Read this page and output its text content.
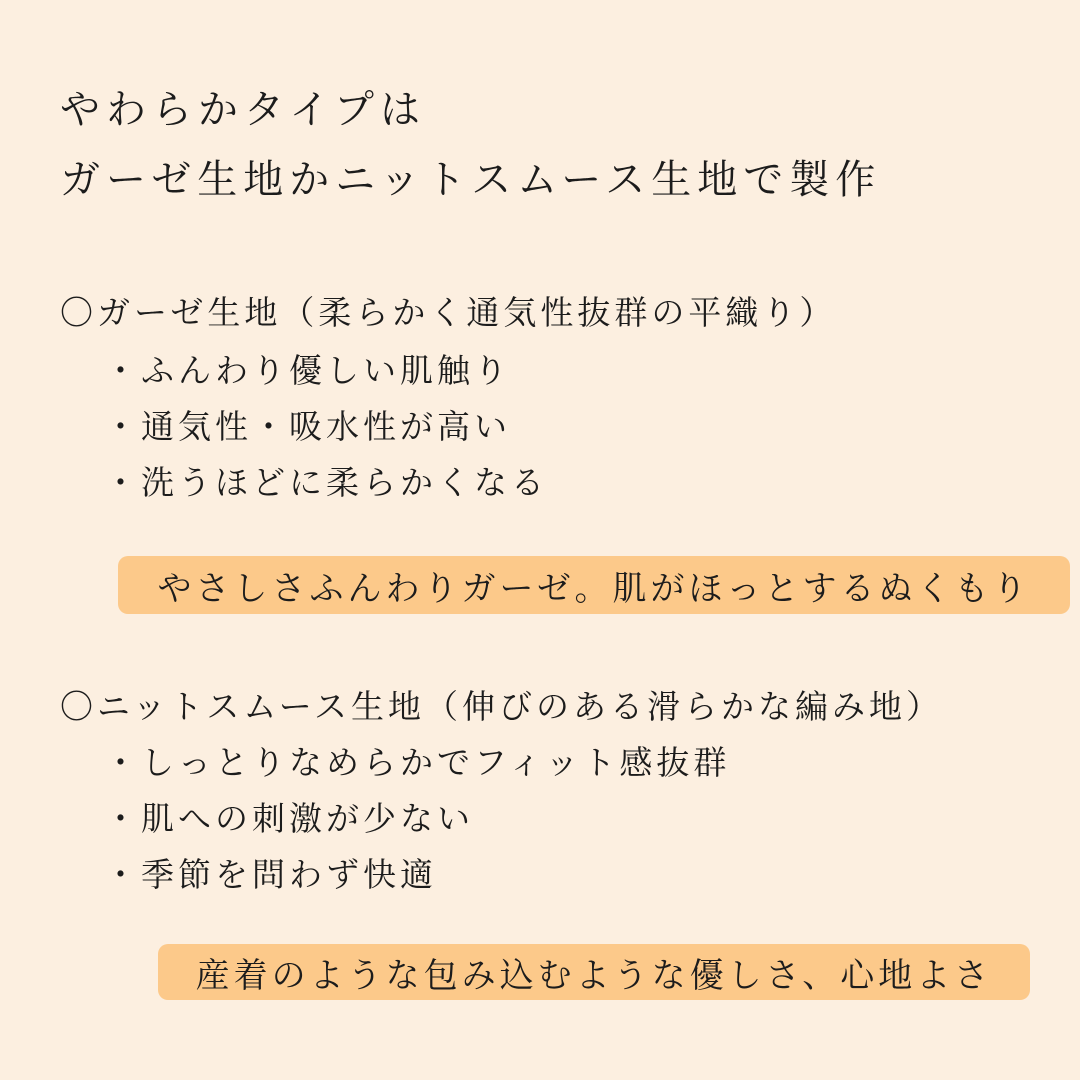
やわらかタイプは
ガーゼ生地かニットスムース生地で製作
〇ガーゼ生地（柔らかく通気性抜群の平織り）
・ふんわり優しい肌触り
・通気性・吸水性が高い
・洗うほどに柔らかくなる
やさしさふんわりガーゼ。肌がほっとするぬくもり
〇ニットスムース生地（伸びのある滑らかな編み地）
・しっとりなめらかでフィット感抜群
・肌への刺激が少ない
・季節を問わず快適
産着のような包み込むような優しさ、心地よさ
